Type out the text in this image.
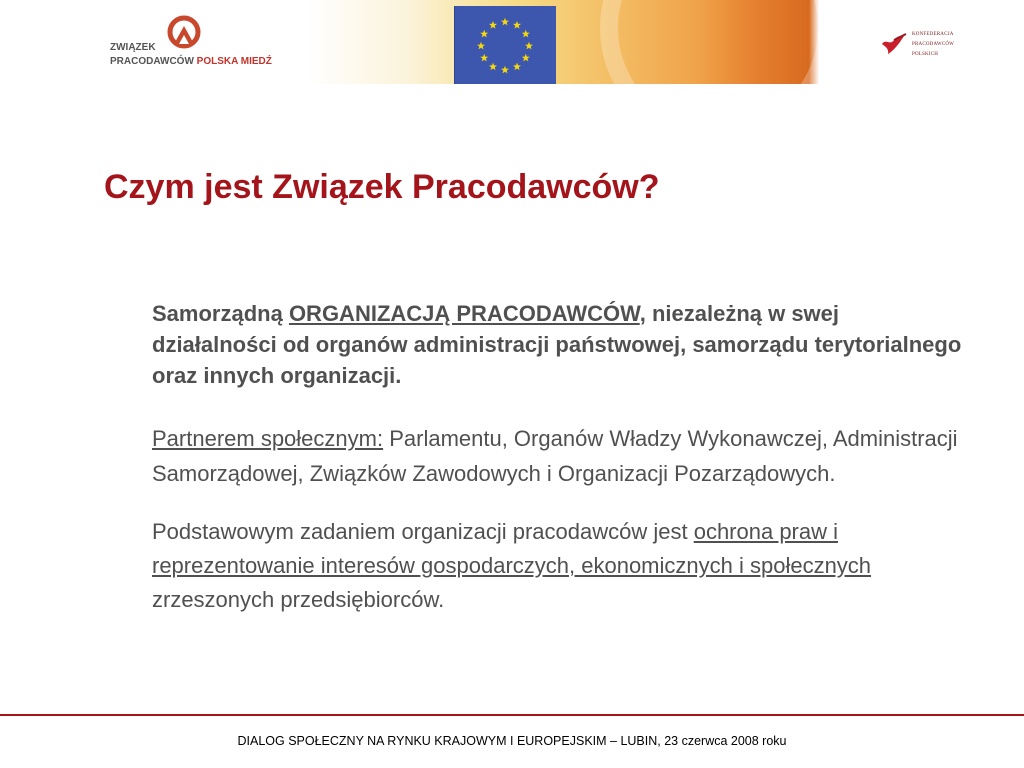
ZWIĄZEK
PRACODAWCÓW POLSKA MIEDŹ
KONFEDERACJA
PRACODAWCÓW
POLSKICH
Czym jest Związek Pracodawców?

Samorządną ORGANIZACJĄ PRACODAWCÓW, niezależną w swej działalności od organów administracji państwowej, samorządu terytorialnego oraz innych organizacji.

Partnerem społecznym: Parlamentu, Organów Władzy Wykonawczej, Administracji Samorządowej, Związków Zawodowych i Organizacji Pozarządowych.

Podstawowym zadaniem organizacji pracodawców jest ochrona praw i reprezentowanie interesów gospodarczych, ekonomicznych i społecznych zrzeszonych przedsiębiorców.

DIALOG SPOŁECZNY NA RYNKU KRAJOWYM I EUROPEJSKIM – LUBIN, 23 czerwca 2008 roku
